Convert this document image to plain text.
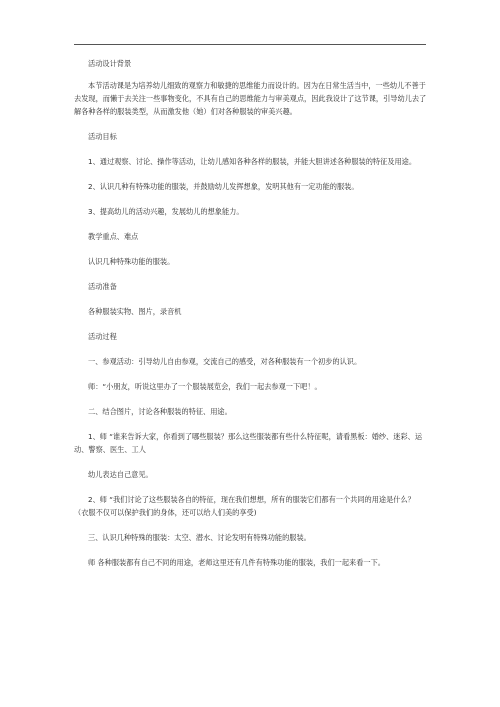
活动设计背景

本节活动课是为培养幼儿细致的观察力和敏捷的思维能力而设计的。因为在日常生活当中，一些幼儿不善于去发现，而懒于去关注一些事物变化，不具有自己的思维能力与审美观点，因此我设计了这节课，引导幼儿去了解各种各样的服装类型，从而激发他（她）们对各种服装的审美兴趣。

活动目标

1、通过观察、讨论、操作等活动，让幼儿感知各种各样的服装，并能大胆讲述各种服装的特征及用途。

2、认识几种有特殊功能的服装，并鼓励幼儿发挥想象，发明其他有一定功能的服装。

3、提高幼儿的活动兴趣，发展幼儿的想象能力。

教学重点、难点

认识几种特殊功能的服装。

活动准备

各种服装实物、图片，录音机

活动过程

一、参观活动：引导幼儿自由参观，交流自己的感受，对各种服装有一个初步的认识。

师：“小朋友，听说这里办了一个服装展览会，我们一起去参观一下吧！。

二、结合图片，讨论各种服装的特征、用途。

1、师 “谁来告诉大家，你看到了哪些服装？那么这些服装都有些什么特征呢，请看黑板：婚纱、迷彩、运动、警察、医生、工人

幼儿表达自己意见。

2、师 “我们讨论了这些服装各自的特征，现在我们想想，所有的服装它们都有一个共同的用途是什么？（衣服不仅可以保护我们的身体，还可以给人们美的享受)

三、认识几种特殊的服装：太空、潜水、讨论发明有特殊功能的服装。

师 各种服装都有自己不同的用途，老师这里还有几件有特殊功能的服装，我们一起来看一下。
